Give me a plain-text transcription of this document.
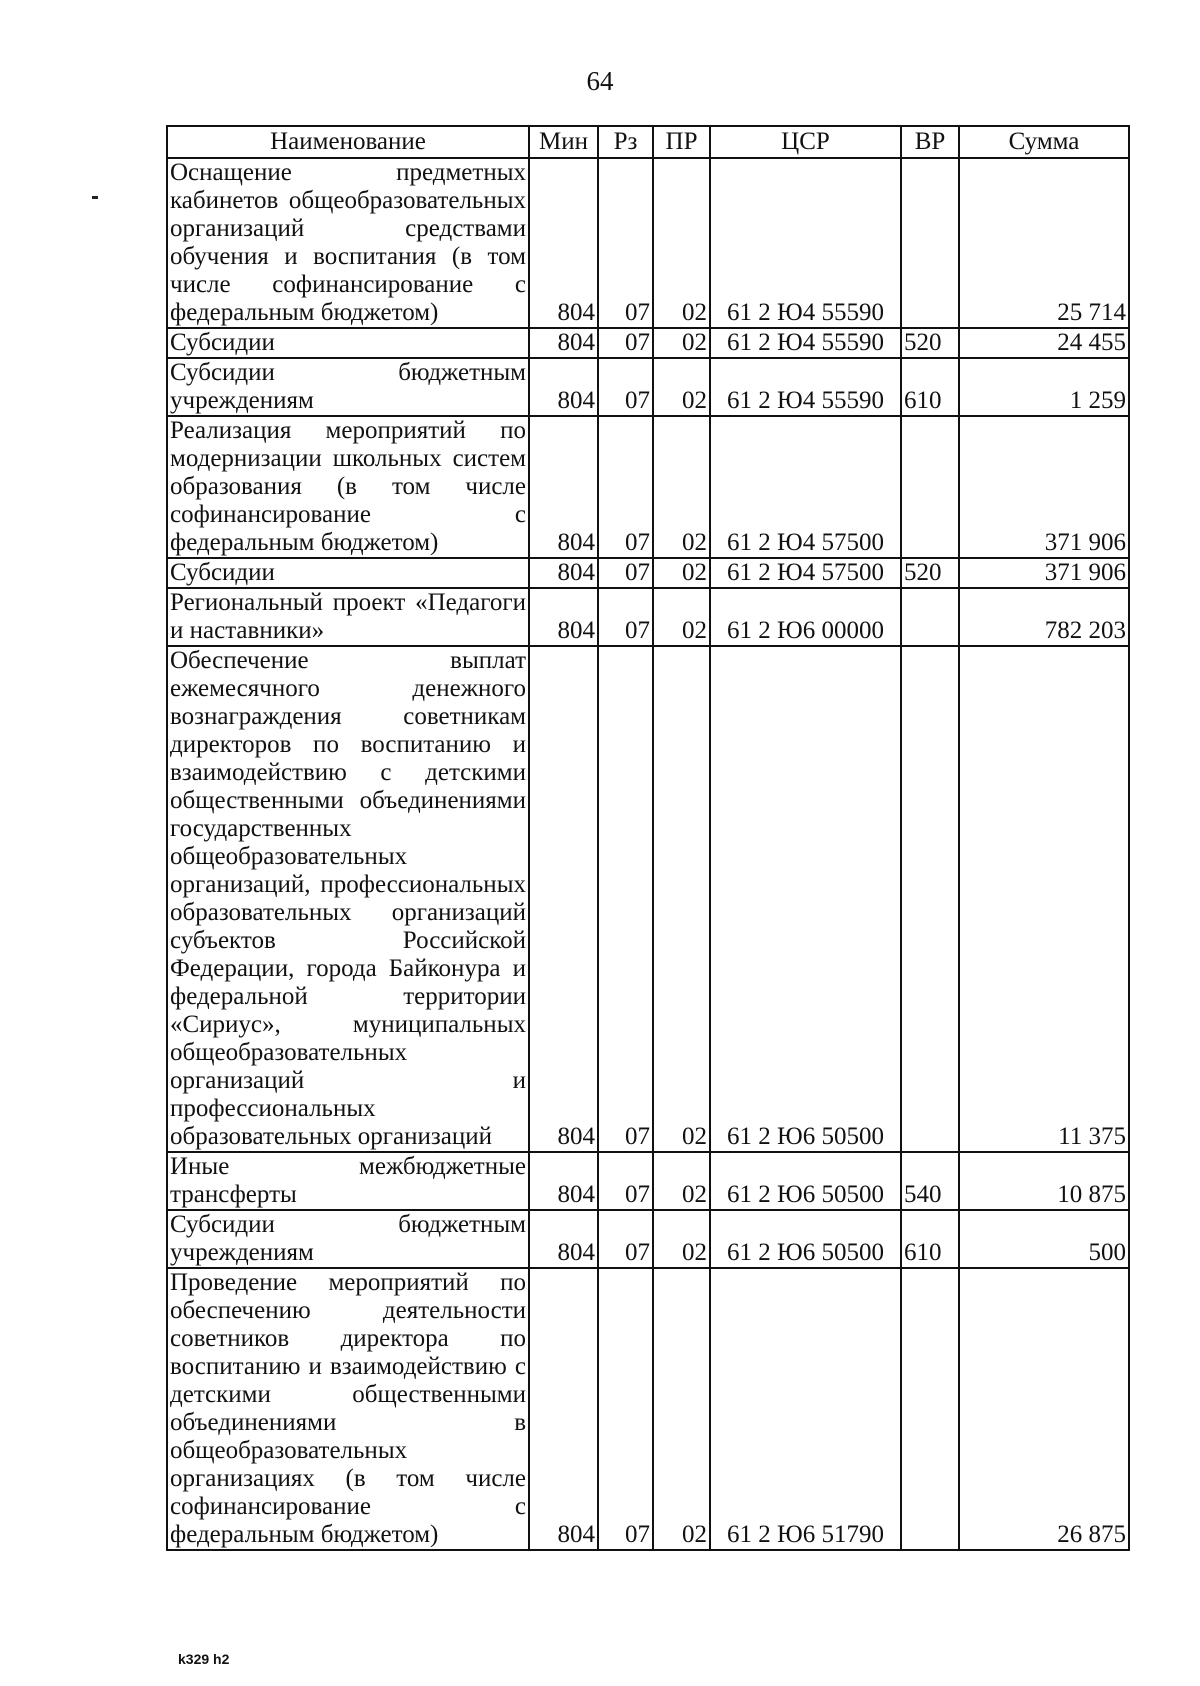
64
Наименование	Мин	Рз	ПР	ЦСР	ВР	Сумма
Оснащение предметных кабинетов общеобразовательных организаций средствами обучения и воспитания (в том числе софинансирование с федеральным бюджетом)	804	07	02	61 2 Ю4 55590		25 714
Субсидии	804	07	02	61 2 Ю4 55590	520	24 455
Субсидии бюджетным учреждениям	804	07	02	61 2 Ю4 55590	610	1 259
Реализация мероприятий по модернизации школьных систем образования (в том числе софинансирование с федеральным бюджетом)	804	07	02	61 2 Ю4 57500		371 906
Субсидии	804	07	02	61 2 Ю4 57500	520	371 906
Региональный проект «Педагоги и наставники»	804	07	02	61 2 Ю6 00000		782 203
Обеспечение выплат ежемесячного денежного вознаграждения советникам директоров по воспитанию и взаимодействию с детскими общественными объединениями государственных общеобразовательных организаций, профессиональных образовательных организаций субъектов Российской Федерации, города Байконура и федеральной территории «Сириус», муниципальных общеобразовательных организаций и профессиональных образовательных организаций	804	07	02	61 2 Ю6 50500		11 375
Иные межбюджетные трансферты	804	07	02	61 2 Ю6 50500	540	10 875
Субсидии бюджетным учреждениям	804	07	02	61 2 Ю6 50500	610	500
Проведение мероприятий по обеспечению деятельности советников директора по воспитанию и взаимодействию с детскими общественными объединениями в общеобразовательных организациях (в том числе софинансирование с федеральным бюджетом)	804	07	02	61 2 Ю6 51790		26 875
k329 h2
